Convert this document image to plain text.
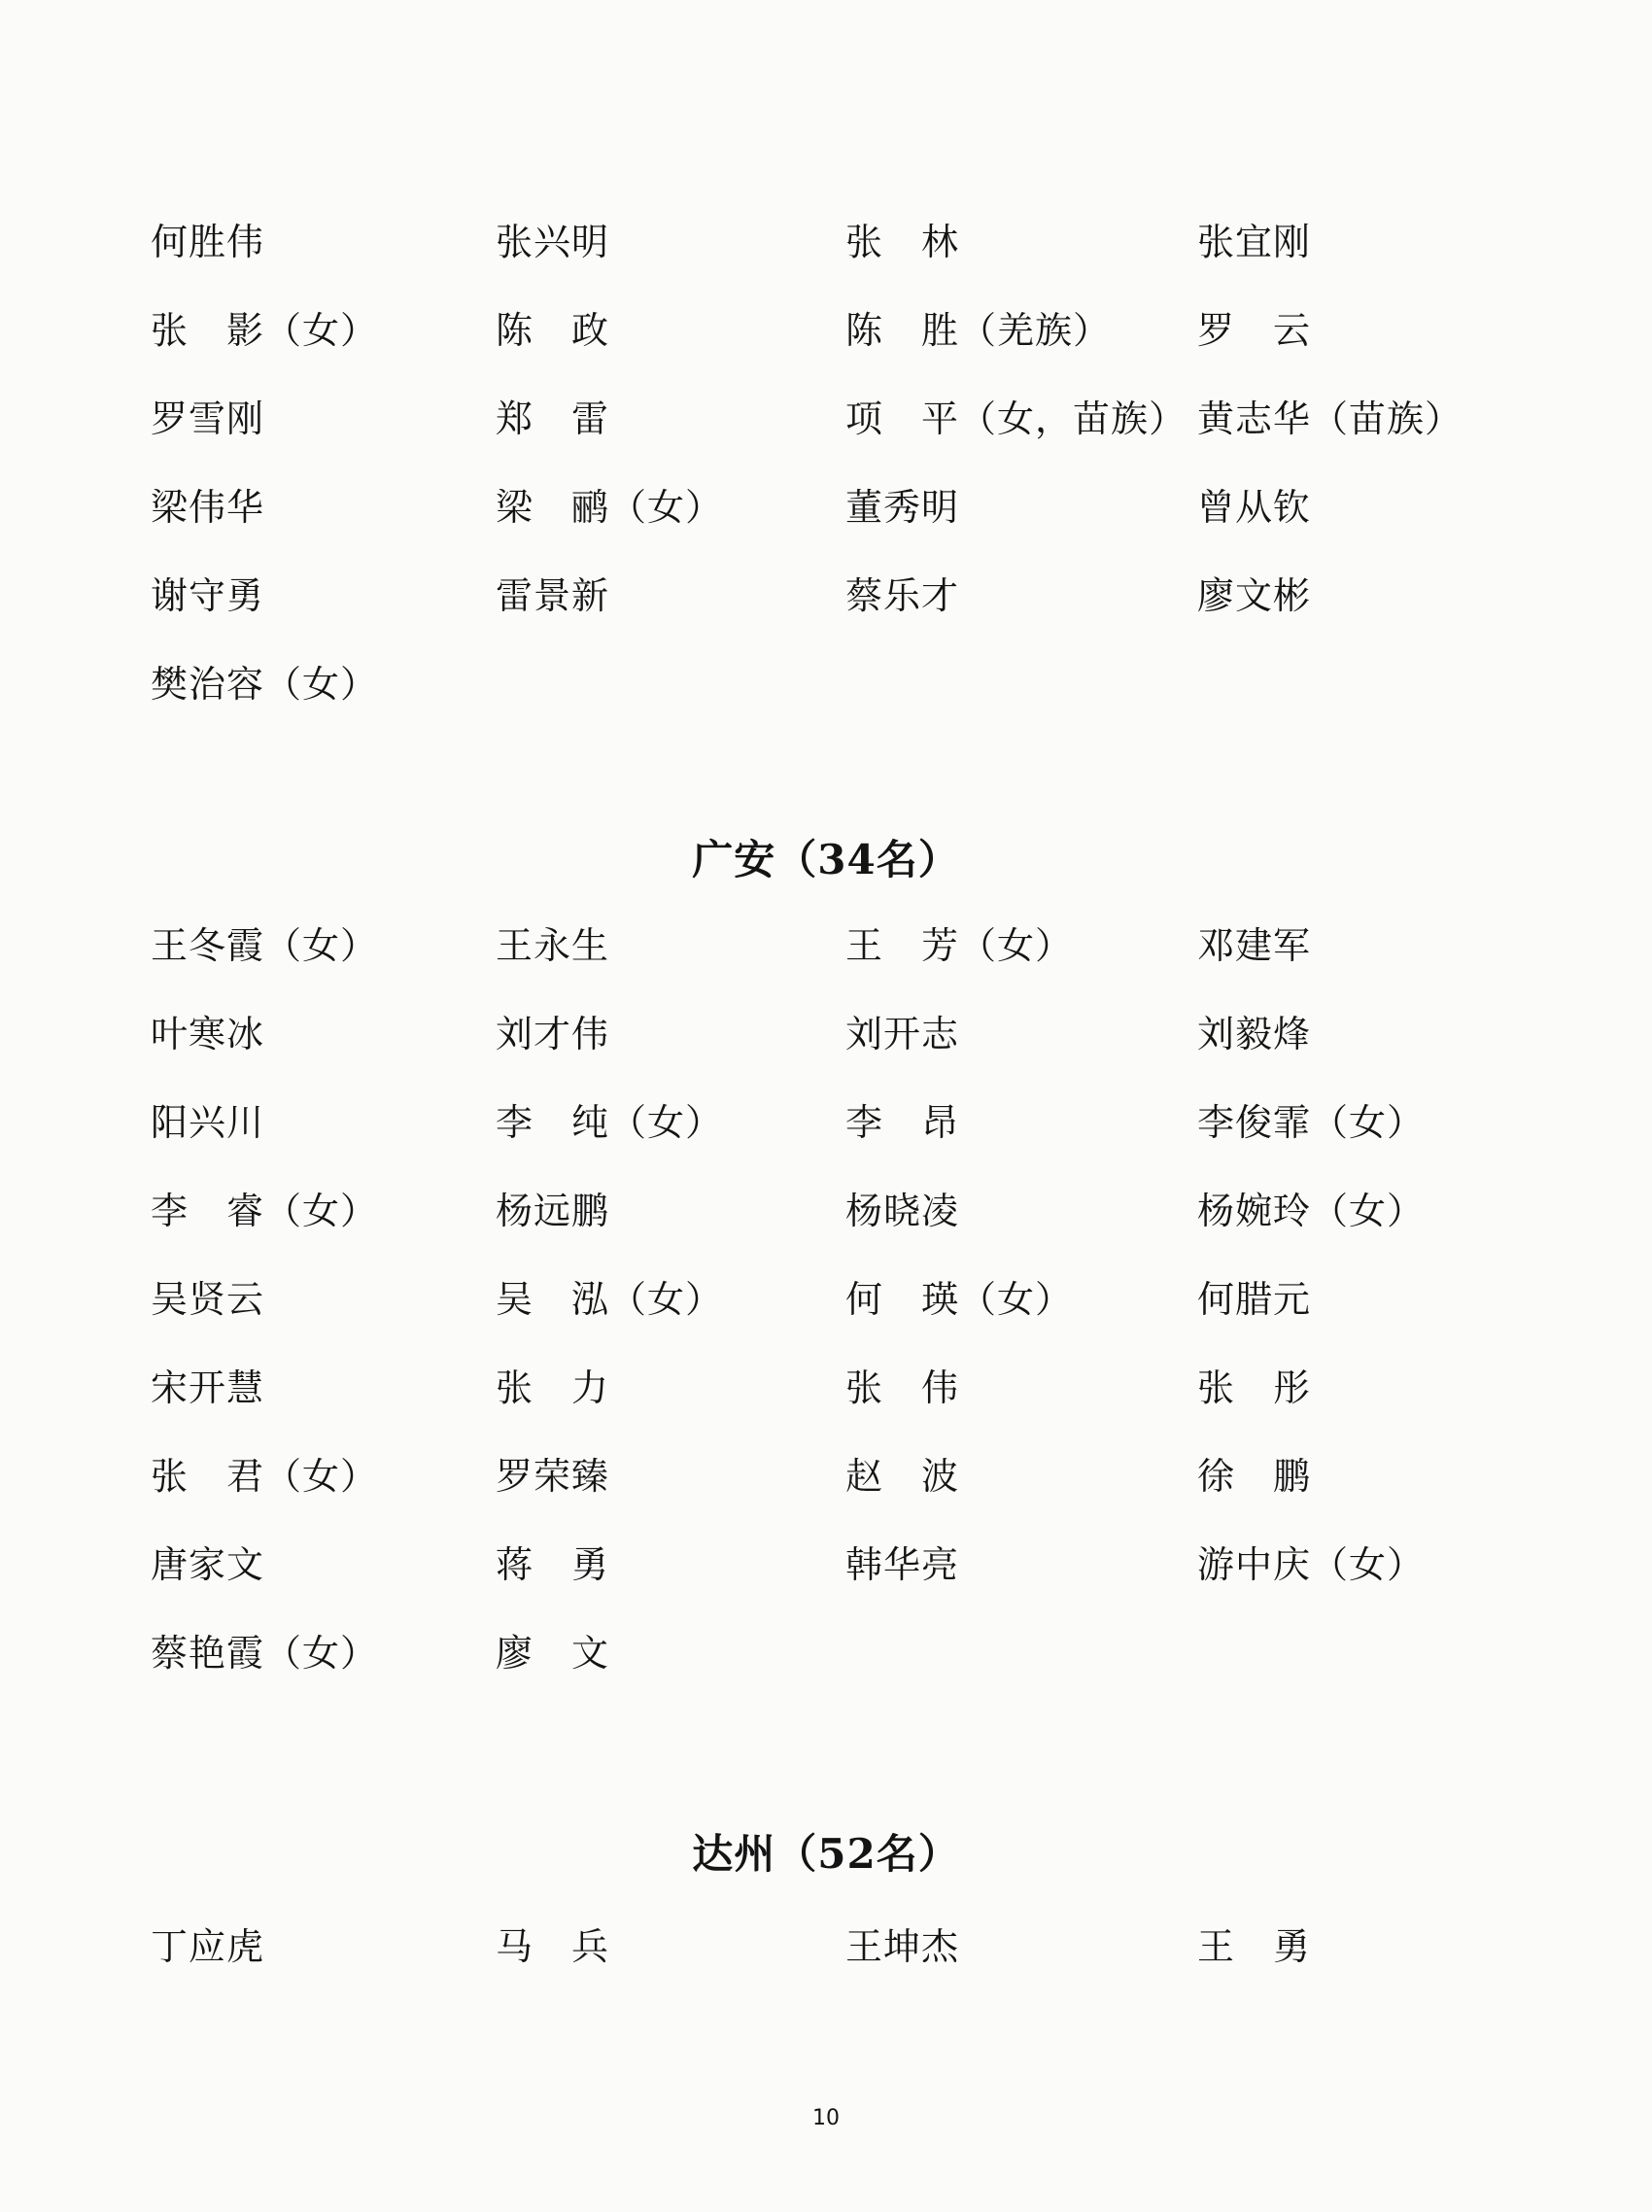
何胜伟	张兴明	张　林	张宜刚
张　影（女）	陈　政	陈　胜（羌族）	罗　云
罗雪刚	郑　雷	项　平（女，苗族） 黄志华（苗族）
梁伟华	梁　鹂（女）	董秀明	曾从钦
谢守勇	雷景新	蔡乐才	廖文彬
樊治容（女）
广安（34名）
王冬霞（女）	王永生	王　芳（女）	邓建军
叶寒冰	刘才伟	刘开志	刘毅烽
阳兴川	李　纯（女）	李　昂	李俊霏（女）
李　睿（女）	杨远鹏	杨晓凌	杨婉玲（女）
吴贤云	吴　泓（女）	何　瑛（女）	何腊元
宋开慧	张　力	张　伟	张　彤
张　君（女）	罗荣臻	赵　波	徐　鹏
唐家文	蒋　勇	韩华亮	游中庆（女）
蔡艳霞（女）	廖　文
达州（52名）
丁应虎	马　兵	王坤杰	王　勇
10
